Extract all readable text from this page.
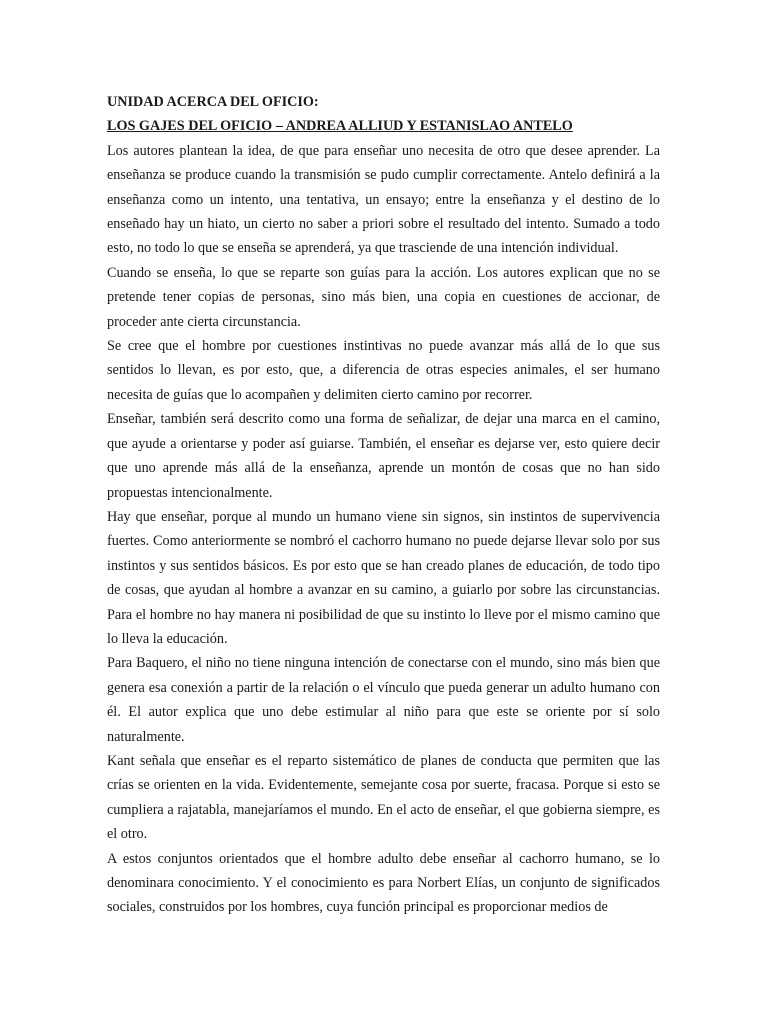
UNIDAD ACERCA DEL OFICIO:

LOS GAJES DEL OFICIO – ANDREA ALLIUD Y ESTANISLAO ANTELO

Los autores plantean la idea, de que para enseñar uno necesita de otro que desee aprender. La enseñanza se produce cuando la transmisión se pudo cumplir correctamente. Antelo definirá a la enseñanza como un intento, una tentativa, un ensayo; entre la enseñanza y el destino de lo enseñado hay un hiato, un cierto no saber a priori sobre el resultado del intento. Sumado a todo esto, no todo lo que se enseña se aprenderá, ya que trasciende de una intención individual.

Cuando se enseña, lo que se reparte son guías para la acción. Los autores explican que no se pretende tener copias de personas, sino más bien, una copia en cuestiones de accionar, de proceder ante cierta circunstancia.

Se cree que el hombre por cuestiones instintivas no puede avanzar más allá de lo que sus sentidos lo llevan, es por esto, que, a diferencia de otras especies animales, el ser humano necesita de guías que lo acompañen y delimiten cierto camino por recorrer.

Enseñar, también será descrito como una forma de señalizar, de dejar una marca en el camino, que ayude a orientarse y poder así guiarse. También, el enseñar es dejarse ver, esto quiere decir que uno aprende más allá de la enseñanza, aprende un montón de cosas que no han sido propuestas intencionalmente.

Hay que enseñar, porque al mundo un humano viene sin signos, sin instintos de supervivencia fuertes. Como anteriormente se nombró el cachorro humano no puede dejarse llevar solo por sus instintos y sus sentidos básicos. Es por esto que se han creado planes de educación, de todo tipo de cosas, que ayudan al hombre a avanzar en su camino, a guiarlo por sobre las circunstancias. Para el hombre no hay manera ni posibilidad de que su instinto lo lleve por el mismo camino que lo lleva la educación.

Para Baquero, el niño no tiene ninguna intención de conectarse con el mundo, sino más bien que genera esa conexión a partir de la relación o el vínculo que pueda generar un adulto humano con él. El autor explica que uno debe estimular al niño para que este se oriente por sí solo naturalmente.

Kant señala que enseñar es el reparto sistemático de planes de conducta que permiten que las crías se orienten en la vida. Evidentemente, semejante cosa por suerte, fracasa. Porque si esto se cumpliera a rajatabla, manejaríamos el mundo. En el acto de enseñar, el que gobierna siempre, es el otro.

A estos conjuntos orientados que el hombre adulto debe enseñar al cachorro humano, se lo denominara conocimiento. Y el conocimiento es para Norbert Elías, un conjunto de significados sociales, construidos por los hombres, cuya función principal es proporcionar medios de
